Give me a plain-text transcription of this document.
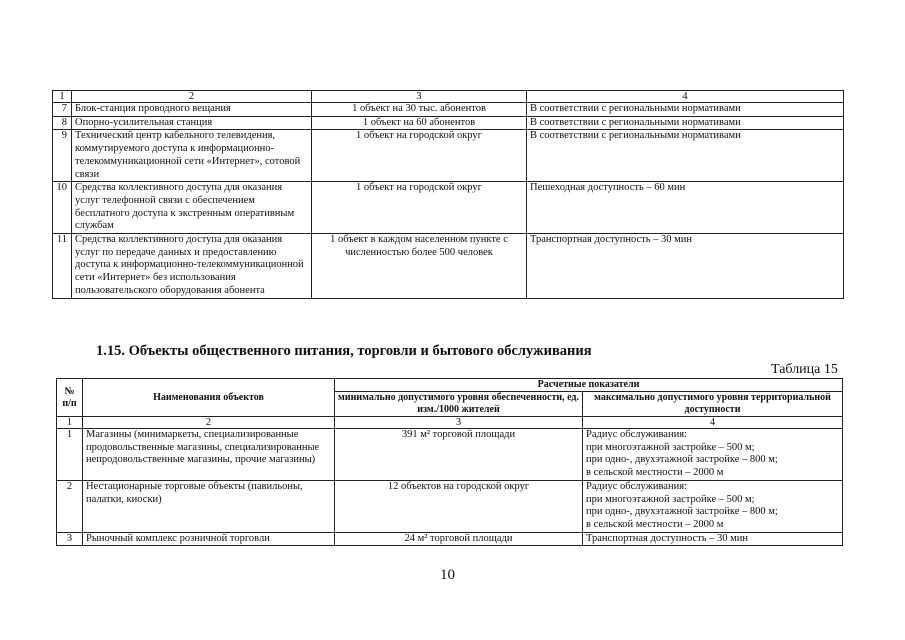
1	2	3	4
7	Блок-станция проводного вещания	1 объект на 30 тыс. абонентов	В соответствии с региональными нормативами
8	Опорно-усилительная станция	1 объект на 60 абонентов	В соответствии с региональными нормативами
9	Технический центр кабельного телевидения, коммутируемого доступа к информационно-телекоммуникационной сети «Интернет», сотовой связи	1 объект на городской округ	В соответствии с региональными нормативами
10	Средства коллективного доступа для оказания услуг телефонной связи с обеспечением бесплатного доступа к экстренным оперативным службам	1 объект на городской округ	Пешеходная доступность – 60 мин
11	Средства коллективного доступа для оказания услуг по передаче данных и предоставлению доступа к информационно-телекоммуникационной сети «Интернет» без использования пользовательского оборудования абонента	1 объект в каждом населенном пункте с численностью более 500 человек	Транспортная доступность – 30 мин
1.15. Объекты общественного питания, торговли и бытового обслуживания
Таблица 15
№ п/п	Наименования объектов	Расчетные показатели	
		минимально допустимого уровня обеспеченности, ед. изм./1000 жителей	максимально допустимого уровня территориальной доступности
1	2	3	4
1	Магазины (минимаркеты, специализированные продовольственные магазины, специализированные непродовольственные магазины, прочие магазины)	391 м² торговой площади	Радиус обслуживания:
при многоэтажной застройке – 500 м;
при одно-, двухэтажной застройке – 800 м;
в сельской местности – 2000 м

2	Нестационарные торговые объекты (павильоны, палатки, киоски)	12 объектов на городской округ	Радиус обслуживания:
при многоэтажной застройке – 500 м;
при одно-, двухэтажной застройке – 800 м;
в сельской местности – 2000 м

3	Рыночный комплекс розничной торговли	24 м² торговой площади	Транспортная доступность – 30 мин
10
